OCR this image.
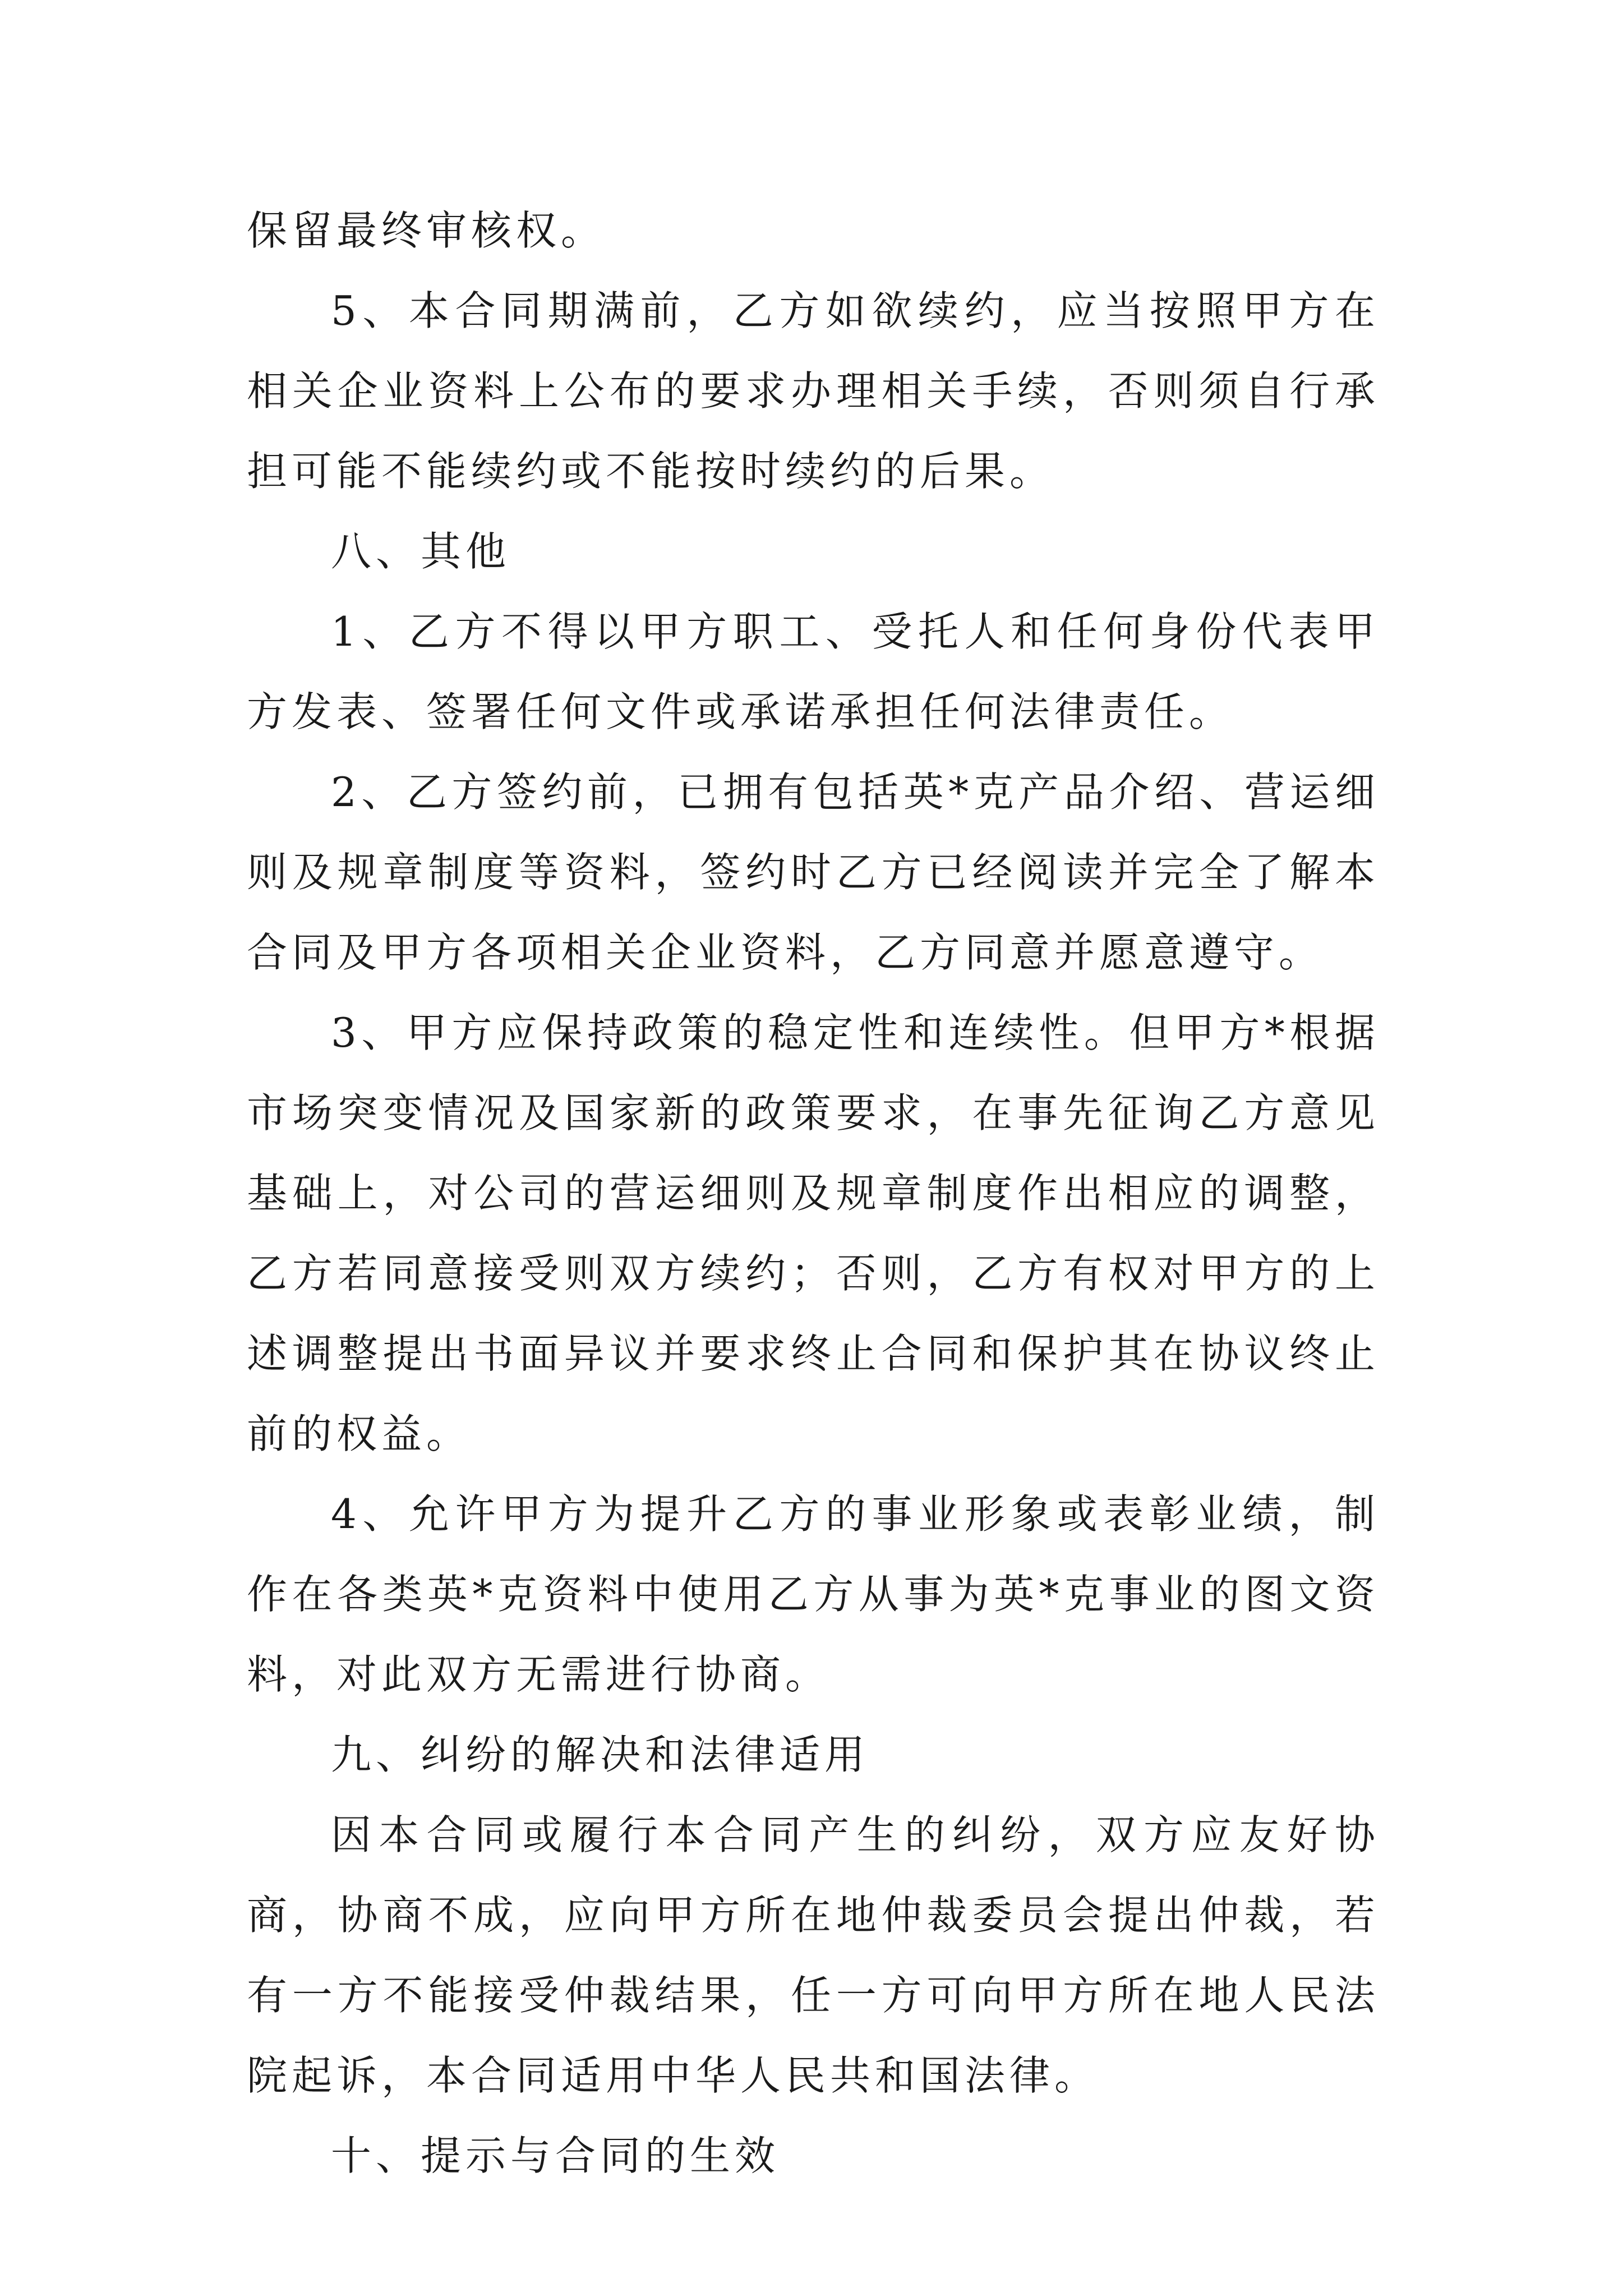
保留最终审核权。

5、本合同期满前，乙方如欲续约，应当按照甲方在相关企业资料上公布的要求办理相关手续，否则须自行承担可能不能续约或不能按时续约的后果。

八、其他

1、乙方不得以甲方职工、受托人和任何身份代表甲方发表、签署任何文件或承诺承担任何法律责任。

2、乙方签约前，已拥有包括英*克产品介绍、营运细则及规章制度等资料，签约时乙方已经阅读并完全了解本合同及甲方各项相关企业资料，乙方同意并愿意遵守。

3、甲方应保持政策的稳定性和连续性。但甲方*根据市场突变情况及国家新的政策要求，在事先征询乙方意见基础上，对公司的营运细则及规章制度作出相应的调整，乙方若同意接受则双方续约；否则，乙方有权对甲方的上述调整提出书面异议并要求终止合同和保护其在协议终止前的权益。

4、允许甲方为提升乙方的事业形象或表彰业绩，制作在各类英*克资料中使用乙方从事为英*克事业的图文资料，对此双方无需进行协商。

九、纠纷的解决和法律适用

因本合同或履行本合同产生的纠纷，双方应友好协商，协商不成，应向甲方所在地仲裁委员会提出仲裁，若有一方不能接受仲裁结果，任一方可向甲方所在地人民法院起诉，本合同适用中华人民共和国法律。

十、提示与合同的生效
